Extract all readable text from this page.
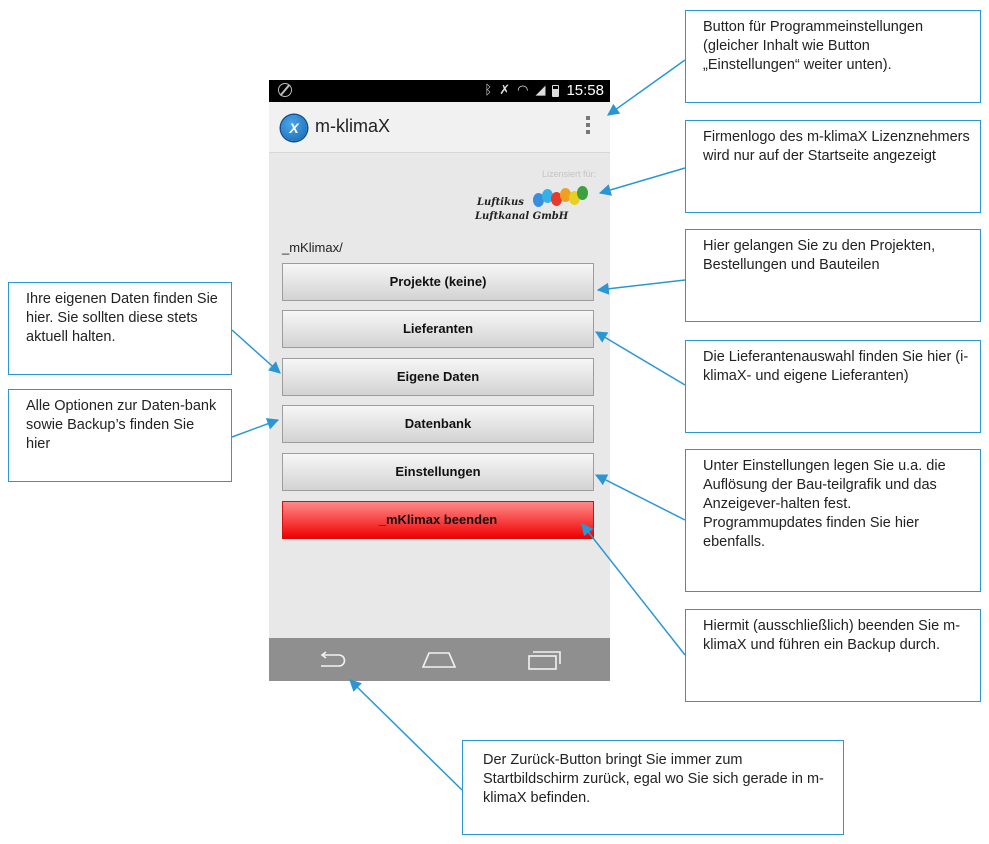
ᛒ ✗ ◠ ◢ 15:58
X m-klimaX
Lizensiert für:
Luftikus
Luftkanal GmbH
_mKlimax/
Projekte (keine)
Lieferanten
Eigene Daten
Datenbank
Einstellungen
_mKlimax beenden
Button für Programmeinstellungen (gleicher Inhalt wie Button „Einstellungen“ weiter unten).
Firmenlogo des m-klimaX Lizenznehmers wird nur auf der Startseite angezeigt
Hier gelangen Sie zu den Projekten, Bestellungen und Bauteilen
Die Lieferantenauswahl finden Sie hier (i-klimaX- und eigene Lieferanten)
Unter Einstellungen legen Sie u.a. die Auflösung der Bau-teilgrafik und das Anzeigever-halten fest. Programmupdates finden Sie hier ebenfalls.
Hiermit (ausschließlich) beenden Sie m-klimaX und führen ein Backup durch.
Ihre eigenen Daten finden Sie hier. Sie sollten diese stets aktuell halten.
Alle Optionen zur Daten-bank sowie Backup’s finden Sie hier
Der Zurück-Button bringt Sie immer zum Startbildschirm zurück, egal wo Sie sich gerade in m-klimaX befinden.
